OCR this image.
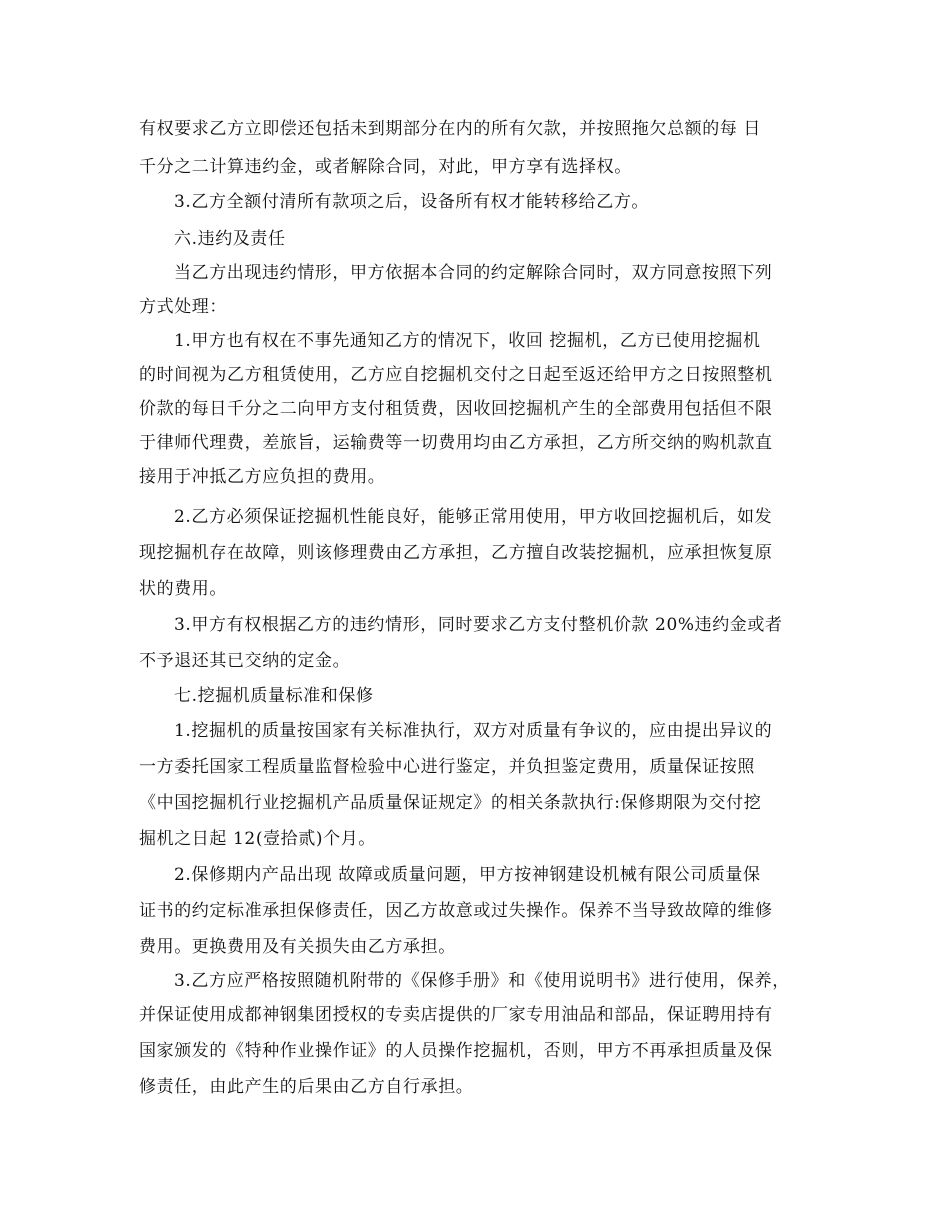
有权要求乙方立即偿还包括未到期部分在内的所有欠款，并按照拖欠总额的每 日
千分之二计算违约金，或者解除合同，对此，甲方享有选择权。
3.乙方全额付清所有款项之后，设备所有权才能转移给乙方。
六.违约及责任
当乙方出现违约情形，甲方依据本合同的约定解除合同时，双方同意按照下列
方式处理：
1.甲方也有权在不事先通知乙方的情况下，收回 挖掘机，乙方已使用挖掘机
的时间视为乙方租赁使用，乙方应自挖掘机交付之日起至返还给甲方之日按照整机
价款的每日千分之二向甲方支付租赁费，因收回挖掘机产生的全部费用包括但不限
于律师代理费，差旅旨，运输费等一切费用均由乙方承担，乙方所交纳的购机款直
接用于冲抵乙方应负担的费用。
2.乙方必须保证挖掘机性能良好，能够正常用使用，甲方收回挖掘机后，如发
现挖掘机存在故障，则该修理费由乙方承担，乙方擅自改装挖掘机，应承担恢复原
状的费用。
3.甲方有权根据乙方的违约情形，同时要求乙方支付整机价款 20%违约金或者
不予退还其已交纳的定金。
七.挖掘机质量标准和保修
1.挖掘机的质量按国家有关标准执行，双方对质量有争议的，应由提出异议的
一方委托国家工程质量监督检验中心进行鉴定，并负担鉴定费用，质量保证按照
《中国挖掘机行业挖掘机产品质量保证规定》的相关条款执行:保修期限为交付挖
掘机之日起 12(壹拾贰)个月。
2.保修期内产品出现 故障或质量问题，甲方按神钢建设机械有限公司质量保
证书的约定标准承担保修责任，因乙方故意或过失操作。保养不当导致故障的维修
费用。更换费用及有关损失由乙方承担。
3.乙方应严格按照随机附带的《保修手册》和《使用说明书》进行使用，保养，
并保证使用成都神钢集团授权的专卖店提供的厂家专用油品和部品，保证聘用持有
国家颁发的《特种作业操作证》的人员操作挖掘机，否则，甲方不再承担质量及保
修责任，由此产生的后果由乙方自行承担。
